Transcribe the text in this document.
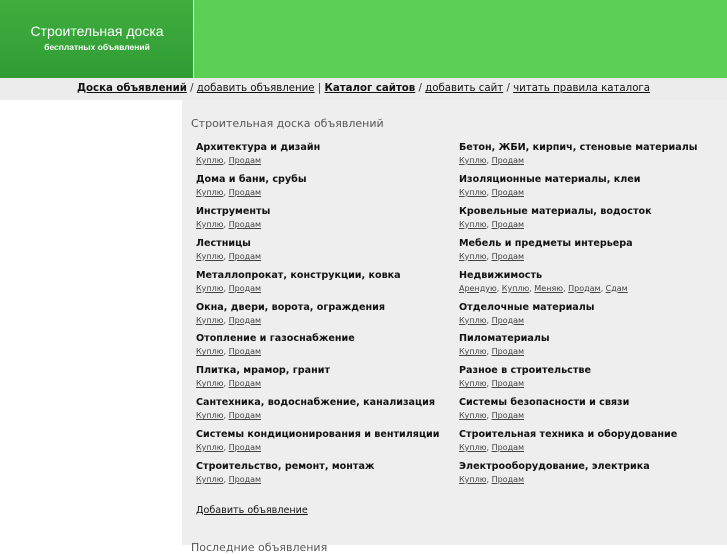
Строительная доска
бесплатных объявлений
Доска объявлений / добавить объявление | Каталог сайтов / добавить сайт / читать правила каталога
Строительная доска объявлений
Архитектура и дизайн
Куплю, Продам
Дома и бани, срубы
Куплю, Продам
Инструменты
Куплю, Продам
Лестницы
Куплю, Продам
Металлопрокат, конструкции, ковка
Куплю, Продам
Окна, двери, ворота, ограждения
Куплю, Продам
Отопление и газоснабжение
Куплю, Продам
Плитка, мрамор, гранит
Куплю, Продам
Сантехника, водоснабжение, канализация
Куплю, Продам
Системы кондиционирования и вентиляции
Куплю, Продам
Строительство, ремонт, монтаж
Куплю, Продам
Бетон, ЖБИ, кирпич, стеновые материалы
Куплю, Продам
Изоляционные материалы, клеи
Куплю, Продам
Кровельные материалы, водосток
Куплю, Продам
Мебель и предметы интерьера
Куплю, Продам
Недвижимость
Арендую, Куплю, Меняю, Продам, Сдам
Отделочные материалы
Куплю, Продам
Пиломатериалы
Куплю, Продам
Разное в строительстве
Куплю, Продам
Системы безопасности и связи
Куплю, Продам
Строительная техника и оборудование
Куплю, Продам
Электрооборудование, электрика
Куплю, Продам
Добавить объявление
Последние объявления
